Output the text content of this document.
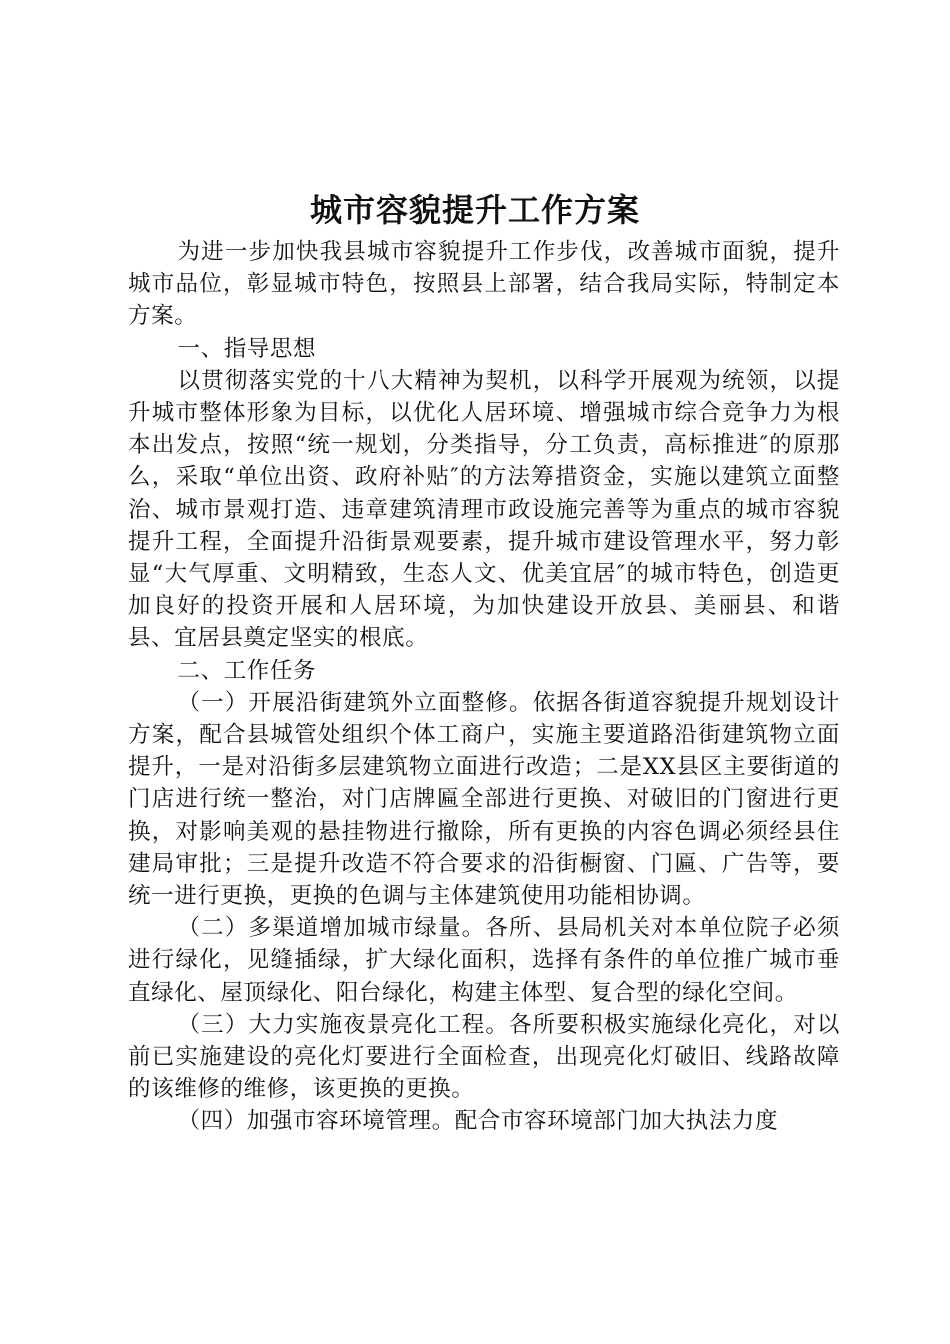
城市容貌提升工作方案

为进一步加快我县城市容貌提升工作步伐，改善城市面貌，提升城市品位，彰显城市特色，按照县上部署，结合我局实际，特制定本方案。

一、指导思想

以贯彻落实党的十八大精神为契机，以科学开展观为统领，以提升城市整体形象为目标，以优化人居环境、增强城市综合竞争力为根本出发点，按照“统一规划，分类指导，分工负责，高标推进″的原那么，采取“单位出资、政府补贴″的方法筹措资金，实施以建筑立面整治、城市景观打造、违章建筑清理市政设施完善等为重点的城市容貌提升工程，全面提升沿街景观要素，提升城市建设管理水平，努力彰显“大气厚重、文明精致，生态人文、优美宜居″的城市特色，创造更加良好的投资开展和人居环境，为加快建设开放县、美丽县、和谐县、宜居县奠定坚实的根底。

二、工作任务

（一）开展沿街建筑外立面整修。依据各街道容貌提升规划设计方案，配合县城管处组织个体工商户，实施主要道路沿街建筑物立面提升，一是对沿街多层建筑物立面进行改造；二是XX县区主要街道的门店进行统一整治，对门店牌匾全部进行更换、对破旧的门窗进行更换，对影响美观的悬挂物进行撤除，所有更换的内容色调必须经县住建局审批；三是提升改造不符合要求的沿街橱窗、门匾、广告等，要统一进行更换，更换的色调与主体建筑使用功能相协调。

（二）多渠道增加城市绿量。各所、县局机关对本单位院子必须进行绿化，见缝插绿，扩大绿化面积，选择有条件的单位推广城市垂直绿化、屋顶绿化、阳台绿化，构建主体型、复合型的绿化空间。

（三）大力实施夜景亮化工程。各所要积极实施绿化亮化，对以前已实施建设的亮化灯要进行全面检查，出现亮化灯破旧、线路故障的该维修的维修，该更换的更换。

（四）加强市容环境管理。配合市容环境部门加大执法力度
